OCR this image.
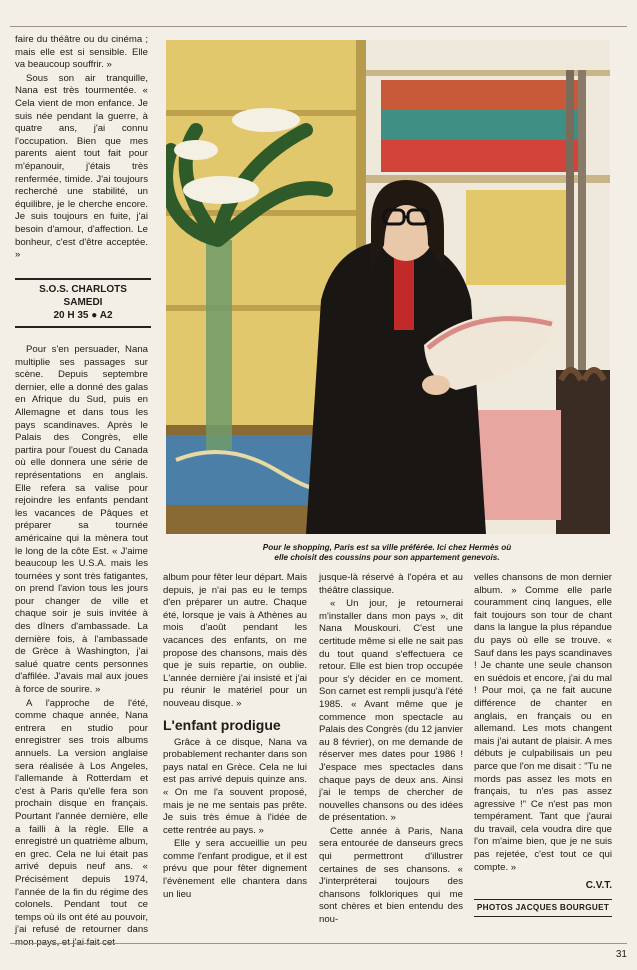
faire du théâtre ou du cinéma ; mais elle est si sensible. Elle va beaucoup souffrir. »

Sous son air tranquille, Nana est très tourmentée. « Cela vient de mon enfance. Je suis née pendant la guerre, à quatre ans, j'ai connu l'occupation. Bien que mes parents aient tout fait pour m'épanouir, j'étais très renfermée, timide. J'ai toujours recherché une stabilité, un équilibre, je le cherche encore. Je suis toujours en fuite, j'ai besoin d'amour, d'affection. Le bonheur, c'est d'être acceptée. »

S.O.S. CHARLOTS
SAMEDI
20 H 35 ● A2

Pour s'en persuader, Nana multiplie ses passages sur scène. Depuis septembre dernier, elle a donné des galas en Afrique du Sud, puis en Allemagne et dans tous les pays scandinaves. Après le Palais des Congrès, elle partira pour l'ouest du Canada où elle donnera une série de représentations en anglais. Elle refera sa valise pour rejoindre les enfants pendant les vacances de Pâques et préparer sa tournée américaine qui la mènera tout le long de la côte Est. « J'aime beaucoup les U.S.A. mais les tournées y sont très fatigantes, on prend l'avion tous les jours pour changer de ville et chaque soir je suis invitée à des dîners d'ambassade. La dernière fois, à l'ambassade de Grèce à Washington, j'ai salué quatre cents personnes d'affilée. J'avais mal aux joues à force de sourire. »

A l'approche de l'été, comme chaque année, Nana entrera en studio pour enregistrer ses trois albums annuels. La version anglaise sera réalisée à Los Angeles, l'allemande à Rotterdam et c'est à Paris qu'elle fera son prochain disque en français. Pourtant l'année dernière, elle a failli à la règle. Elle a enregistré un quatrième album, en grec. Cela ne lui était pas arrivé depuis neuf ans. « Précisément depuis 1974, l'année de la fin du régime des colonels. Pendant tout ce temps où ils ont été au pouvoir, j'ai refusé de retourner dans

Pour le shopping, Paris est sa ville préférée. Ici chez Hermès où elle choisit des coussins pour son appartement genevois.

album pour fêter leur départ. Mais depuis, je n'ai pas eu le temps d'en préparer un autre. Chaque été, lorsque je vais à Athènes au mois d'août pendant les vacances des enfants, on me propose des chansons, mais dès que je suis repartie, on oublie. L'année dernière j'ai insisté et j'ai pu réunir le matériel pour un nouveau disque. »

L'enfant prodigue

Grâce à ce disque, Nana va probablement rechanter dans son pays natal en Grèce. Cela ne lui est pas arrivé depuis quinze ans. « On me l'a souvent proposé, mais je ne me sentais pas prête. Je suis très émue à l'idée de cette rentrée au pays. »

Elle y sera accueillie un peu comme l'enfant prodigue, et il est prévu que pour fêter dignement l'évènement elle chantera dans un lieu

jusque-là réservé à l'opéra et au théâtre classique.

« Un jour, je retournerai m'installer dans mon pays », dit Nana Mouskouri. C'est une certitude même si elle ne sait pas du tout quand s'effectuera ce retour. Elle est bien trop occupée pour s'y décider en ce moment. Son carnet est rempli jusqu'à l'été 1985. « Avant même que je commence mon spectacle au Palais des Congrès (du 12 janvier au 8 février), on me demande de réserver mes dates pour 1986 ! J'espace mes spectacles dans chaque pays de deux ans. Ainsi j'ai le temps de chercher de nouvelles chansons ou des idées de présentation. »

Cette année à Paris, Nana sera entourée de danseurs grecs qui permettront d'illustrer certaines de ses chansons. « J'interpréterai toujours des chansons folkloriques qui me sont chères et bien entendu des nou-

velles chansons de mon dernier album. » Comme elle parle couramment cinq langues, elle fait toujours son tour de chant dans la langue la plus répandue du pays où elle se trouve. « Sauf dans les pays scandinaves ! Je chante une seule chanson en suédois et encore, j'ai du mal ! Pour moi, ça ne fait aucune différence de chanter en anglais, en français ou en allemand. Les mots changent mais j'ai autant de plaisir. A mes débuts je culpabilisais un peu parce que l'on me disait : "Tu ne mords pas assez les mots en français, tu n'es pas assez agressive !" Ce n'est pas mon tempérament. Tant que j'aurai du travail, cela voudra dire que l'on m'aime bien, que je ne suis pas rejetée, c'est tout ce qui compte. »

C.V.T.
PHOTOS JACQUES BOURGUET
31
